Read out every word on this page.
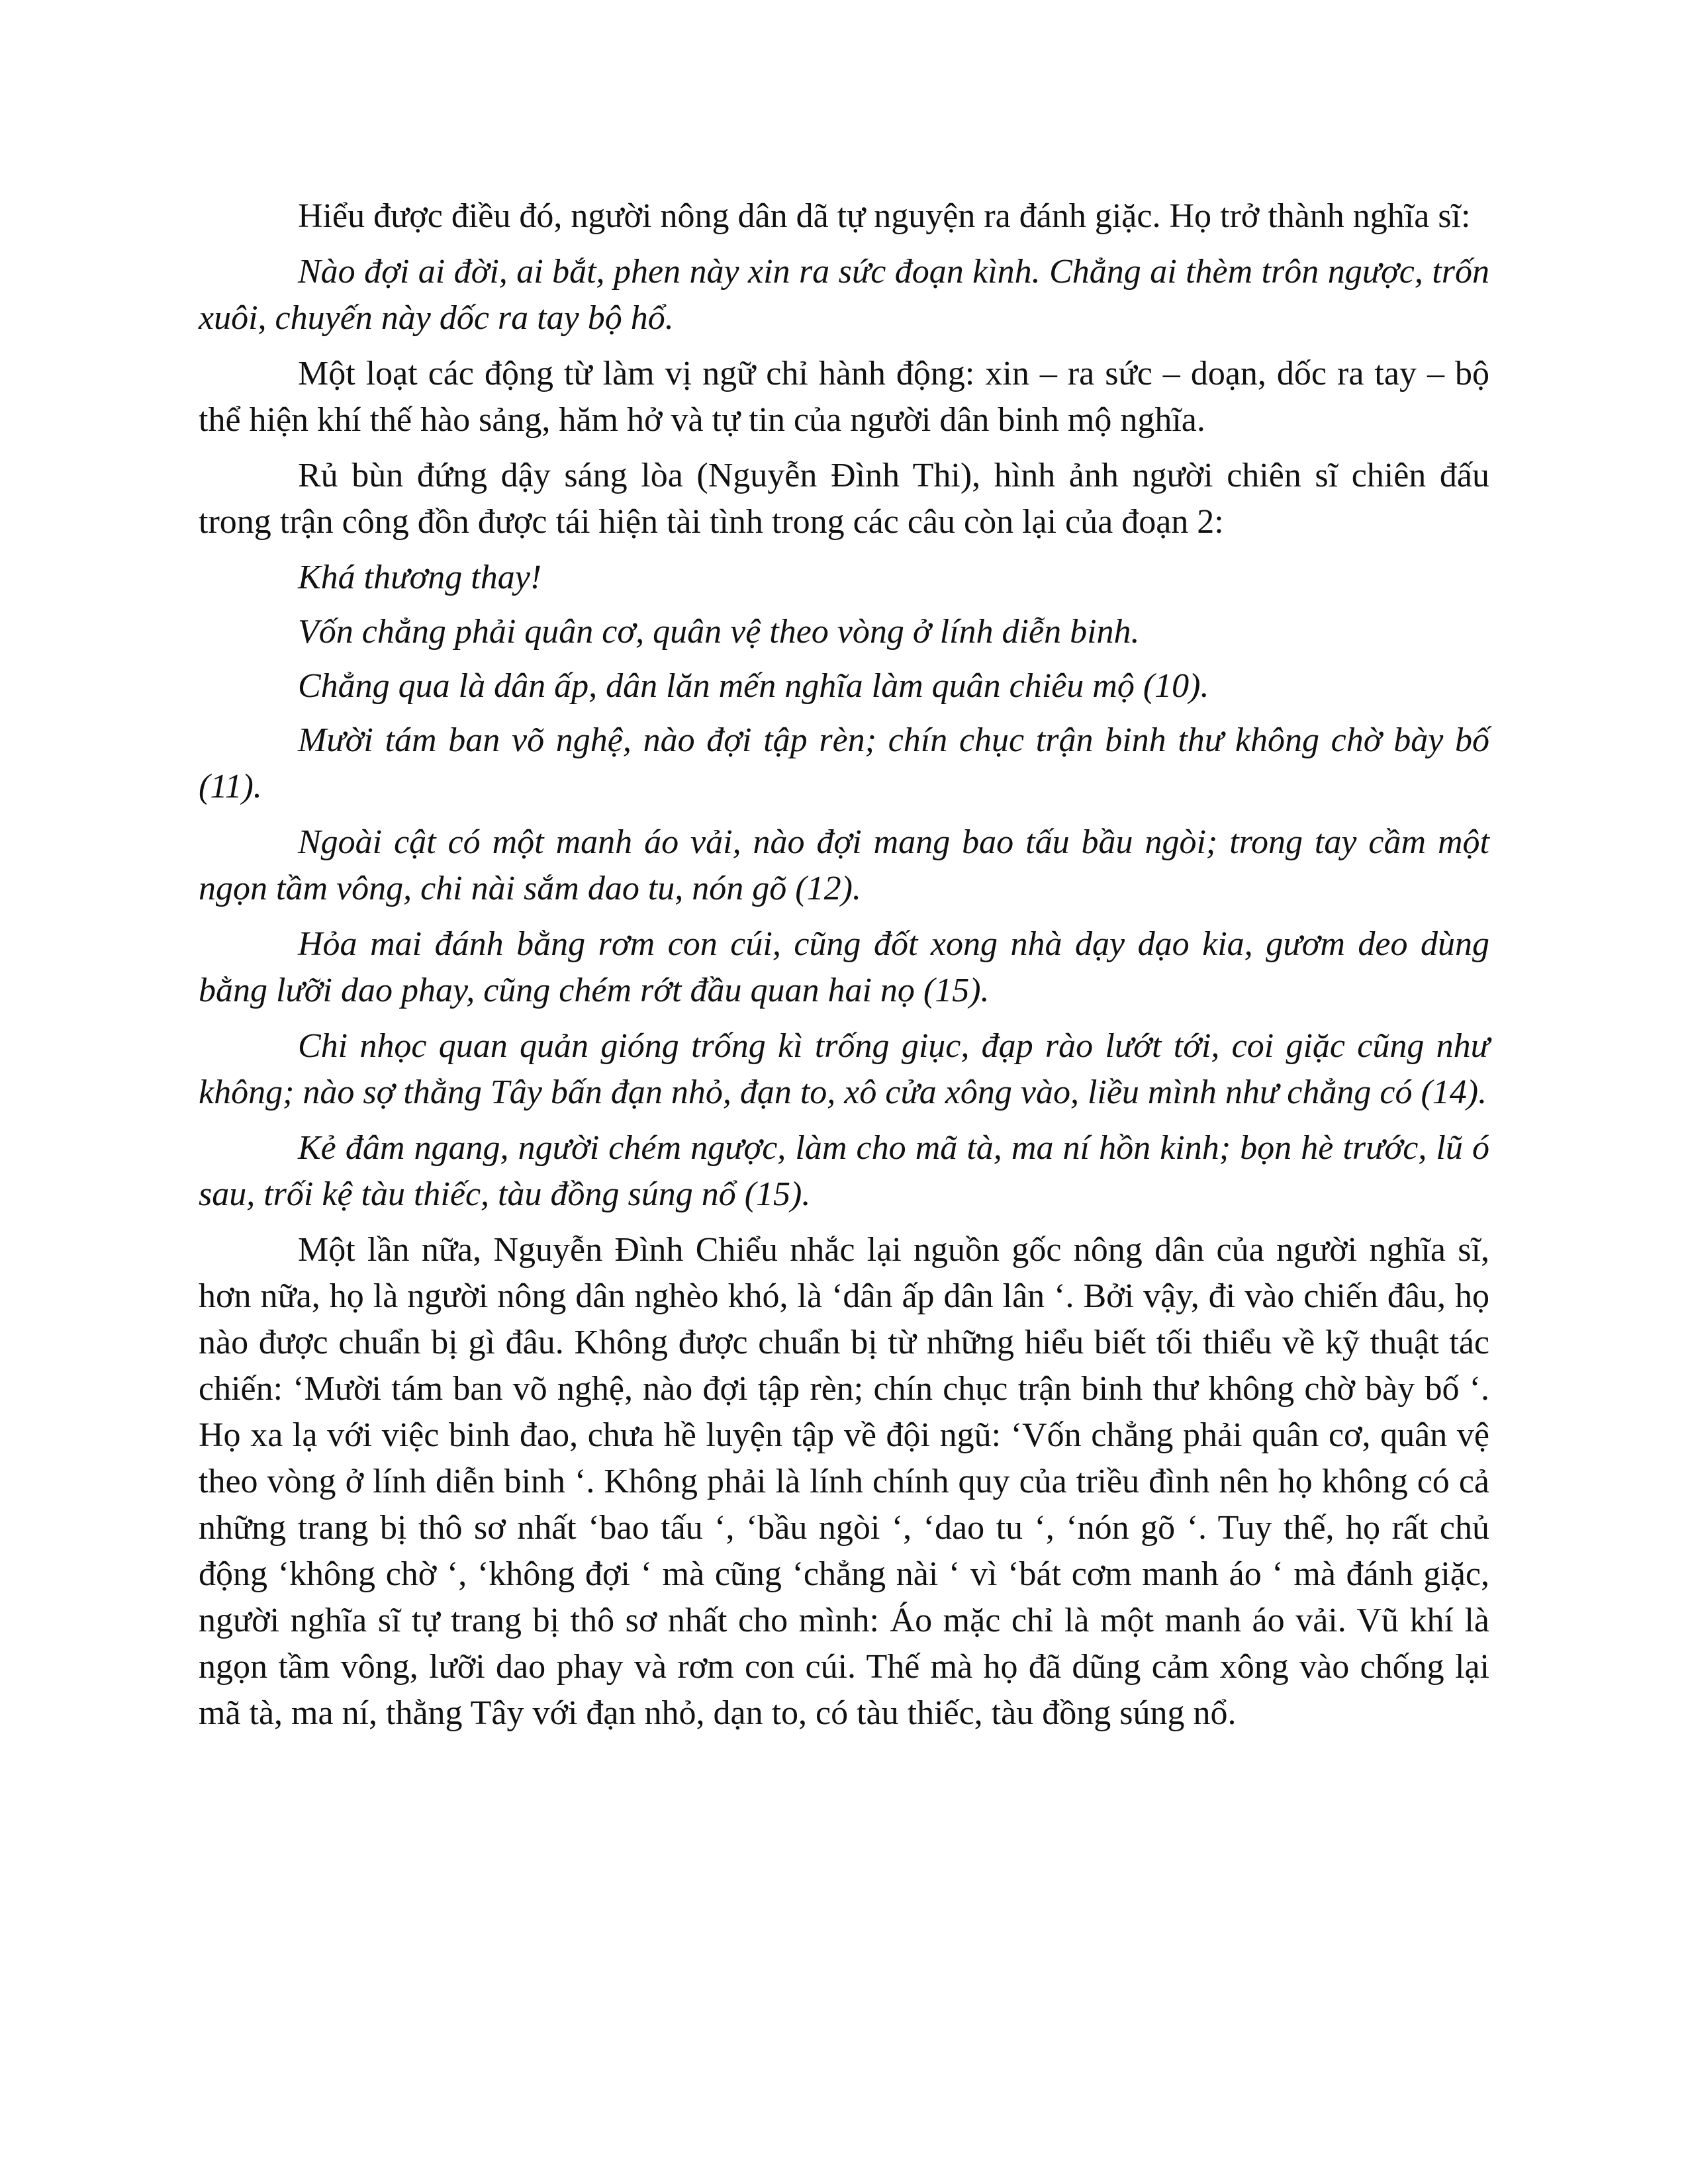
Hiểu được điều đó, người nông dân dã tự nguyện ra đánh giặc. Họ trở thành nghĩa sĩ:

Nào đợi ai đời, ai bắt, phen này xin ra sức đoạn kình. Chẳng ai thèm trôn ngược, trốn xuôi, chuyến này dốc ra tay bộ hổ.

Một loạt các động từ làm vị ngữ chỉ hành động: xin – ra sức – doạn, dốc ra tay – bộ thể hiện khí thế hào sảng, hăm hở và tự tin của người dân binh mộ nghĩa.

Rủ bùn đứng dậy sáng lòa (Nguyễn Đình Thi), hình ảnh người chiên sĩ chiên đấu trong trận công đồn được tái hiện tài tình trong các câu còn lại của đoạn 2:

Khá thương thay!

Vốn chẳng phải quân cơ, quân vệ theo vòng ở lính diễn binh.

Chẳng qua là dân ấp, dân lăn mến nghĩa làm quân chiêu mộ (10).

Mười tám ban võ nghệ, nào đợi tập rèn; chín chục trận binh thư không chờ bày bố (11).

Ngoài cật có một manh áo vải, nào đợi mang bao tấu bầu ngòi; trong tay cầm một ngọn tầm vông, chi nài sắm dao tu, nón gõ (12).

Hỏa mai đánh bằng rơm con cúi, cũng đốt xong nhà dạy dạo kia, gươm deo dùng bằng lưỡi dao phay, cũng chém rớt đầu quan hai nọ (15).

Chi nhọc quan quản gióng trống kì trống giục, đạp rào lướt tới, coi giặc cũng như không; nào sợ thằng Tây bấn đạn nhỏ, đạn to, xô cửa xông vào, liều mình như chẳng có (14).

Kẻ đâm ngang, người chém ngược, làm cho mã tà, ma ní hồn kinh; bọn hè trước, lũ ó sau, trối kệ tàu thiếc, tàu đồng súng nổ (15).

Một lần nữa, Nguyễn Đình Chiểu nhắc lại nguồn gốc nông dân của người nghĩa sĩ, hơn nữa, họ là người nông dân nghèo khó, là ‘dân ấp dân lân ‘. Bởi vậy, đi vào chiến đâu, họ nào được chuẩn bị gì đâu. Không được chuẩn bị từ những hiểu biết tối thiểu về kỹ thuật tác chiến: ‘Mười tám ban võ nghệ, nào đợi tập rèn; chín chục trận binh thư không chờ bày bố ‘. Họ xa lạ với việc binh đao, chưa hề luyện tập về đội ngũ: ‘Vốn chẳng phải quân cơ, quân vệ theo vòng ở lính diễn binh ‘. Không phải là lính chính quy của triều đình nên họ không có cả những trang bị thô sơ nhất ‘bao tấu ‘, ‘bầu ngòi ‘, ‘dao tu ‘, ‘nón gõ ‘. Tuy thế, họ rất chủ động ‘không chờ ‘, ‘không đợi ‘ mà cũng ‘chẳng nài ‘ vì ‘bát cơm manh áo ‘ mà đánh giặc, người nghĩa sĩ tự trang bị thô sơ nhất cho mình: Áo mặc chỉ là một manh áo vải. Vũ khí là ngọn tầm vông, lưỡi dao phay và rơm con cúi. Thế mà họ đã dũng cảm xông vào chống lại mã tà, ma ní, thằng Tây với đạn nhỏ, dạn to, có tàu thiếc, tàu đồng súng nổ.
